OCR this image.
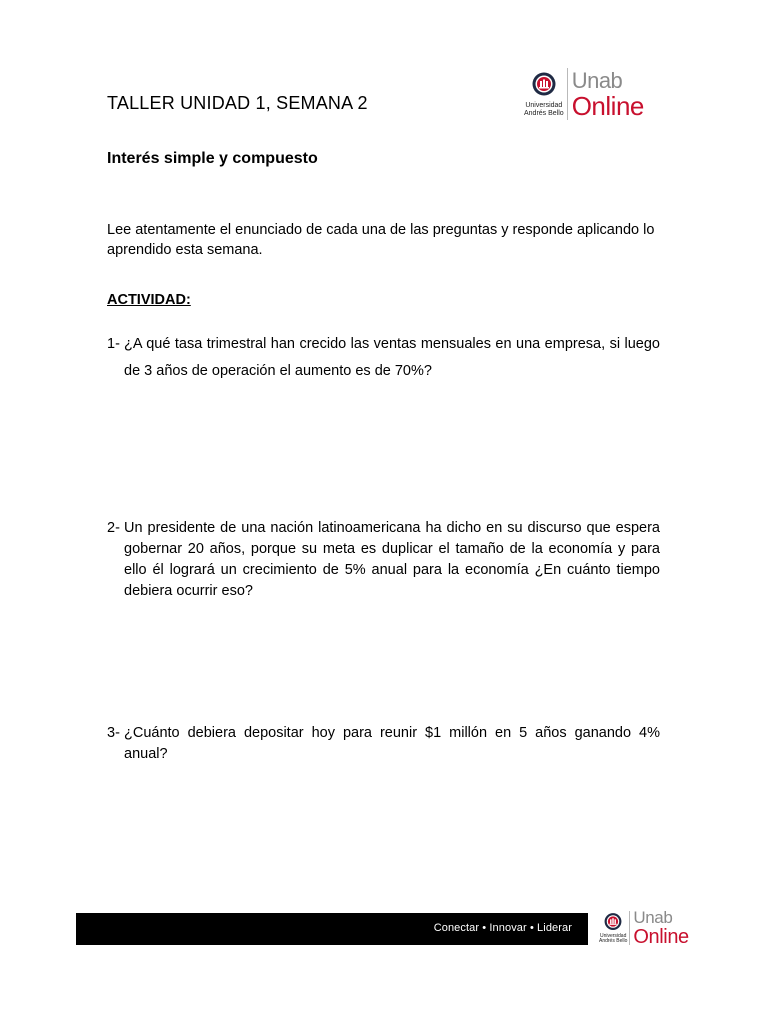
TALLER UNIDAD 1, SEMANA 2	Universidad
Andrés Bello
Unab
Online
Interés simple y compuesto
Lee atentamente el enunciado de cada una de las preguntas y responde aplicando lo aprendido esta semana.
ACTIVIDAD:
1- ¿A qué tasa trimestral han crecido las ventas mensuales en una empresa, si luego de 3 años de operación el aumento es de 70%?
2- Un presidente de una nación latinoamericana ha dicho en su discurso que espera gobernar 20 años, porque su meta es duplicar el tamaño de la economía y para ello él logrará un crecimiento de 5% anual para la economía ¿En cuánto tiempo debiera ocurrir eso?
3- ¿Cuánto debiera depositar hoy para reunir $1 millón en 5 años ganando 4% anual?
Conectar • Innovar • Liderar
Universidad
Andrés Bello
Unab
Online
